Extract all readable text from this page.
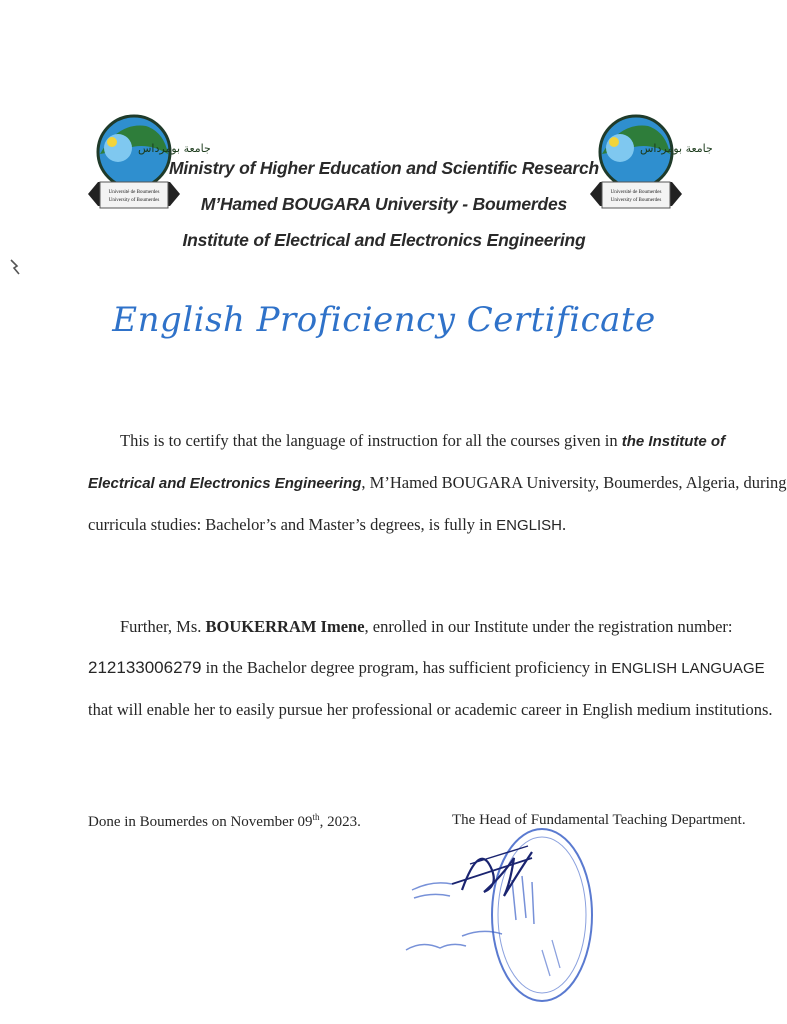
جامعة بومرداس
Université de Boumerdes
University of Boumerdes
جامعة بومرداس
Université de Boumerdes
University of Boumerdes
Ministry of Higher Education and Scientific Research
M’Hamed BOUGARA University - Boumerdes
Institute of Electrical and Electronics Engineering
English Proficiency Certificate
This is to certify that the language of instruction for all the courses given in the Institute of
Electrical and Electronics Engineering, M’Hamed BOUGARA University, Boumerdes, Algeria, during
curricula studies: Bachelor’s and Master’s degrees, is fully in ENGLISH.
Further, Ms. BOUKERRAM Imene, enrolled in our Institute under the registration number:
212133006279 in the Bachelor degree program, has sufficient proficiency in ENGLISH LANGUAGE
that will enable her to easily pursue her professional or academic career in English medium institutions.
Done in Boumerdes on November 09th, 2023.	The Head of Fundamental Teaching Department.
